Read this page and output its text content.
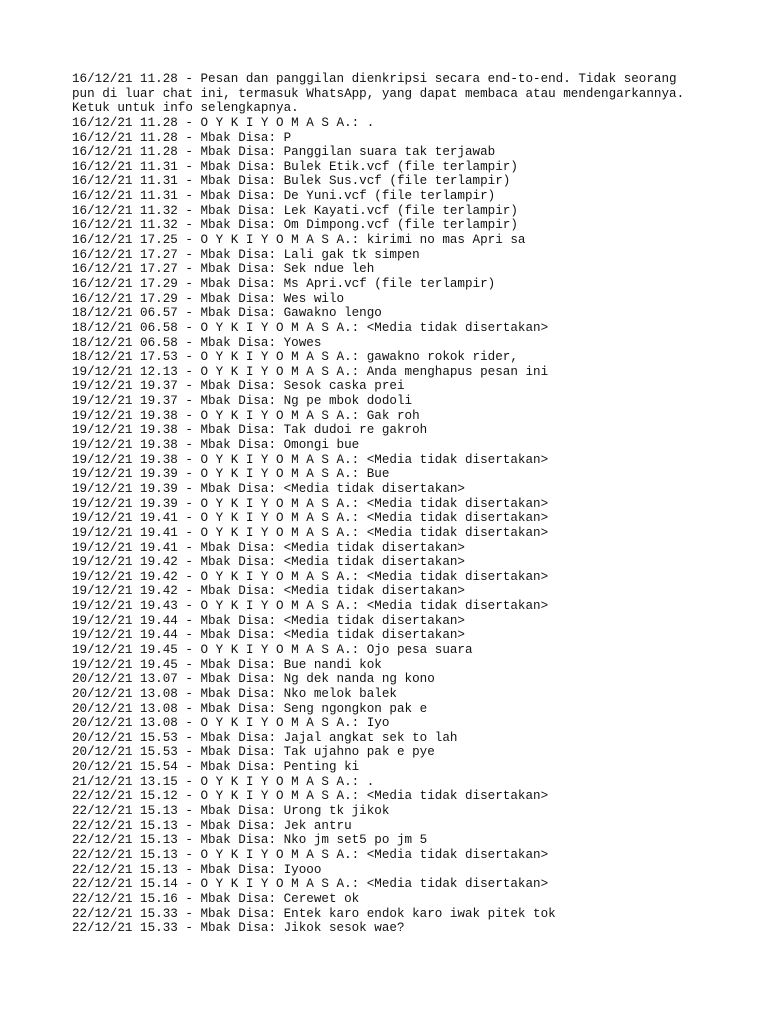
16/12/21 11.28 - Pesan dan panggilan dienkripsi secara end-to-end. Tidak seorang
pun di luar chat ini, termasuk WhatsApp, yang dapat membaca atau mendengarkannya.
Ketuk untuk info selengkapnya.
16/12/21 11.28 - O Y K I Y O M A S A.: .
16/12/21 11.28 - Mbak Disa: P
16/12/21 11.28 - Mbak Disa: Panggilan suara tak terjawab
16/12/21 11.31 - Mbak Disa: Bulek Etik.vcf (file terlampir)
16/12/21 11.31 - Mbak Disa: Bulek Sus.vcf (file terlampir)
16/12/21 11.31 - Mbak Disa: De Yuni.vcf (file terlampir)
16/12/21 11.32 - Mbak Disa: Lek Kayati.vcf (file terlampir)
16/12/21 11.32 - Mbak Disa: Om Dimpong.vcf (file terlampir)
16/12/21 17.25 - O Y K I Y O M A S A.: kirimi no mas Apri sa
16/12/21 17.27 - Mbak Disa: Lali gak tk simpen
16/12/21 17.27 - Mbak Disa: Sek ndue leh
16/12/21 17.29 - Mbak Disa: Ms Apri.vcf (file terlampir)
16/12/21 17.29 - Mbak Disa: Wes wilo
18/12/21 06.57 - Mbak Disa: Gawakno lengo
18/12/21 06.58 - O Y K I Y O M A S A.: <Media tidak disertakan>
18/12/21 06.58 - Mbak Disa: Yowes
18/12/21 17.53 - O Y K I Y O M A S A.: gawakno rokok rider,
19/12/21 12.13 - O Y K I Y O M A S A.: Anda menghapus pesan ini
19/12/21 19.37 - Mbak Disa: Sesok caska prei
19/12/21 19.37 - Mbak Disa: Ng pe mbok dodoli
19/12/21 19.38 - O Y K I Y O M A S A.: Gak roh
19/12/21 19.38 - Mbak Disa: Tak dudoi re gakroh
19/12/21 19.38 - Mbak Disa: Omongi bue
19/12/21 19.38 - O Y K I Y O M A S A.: <Media tidak disertakan>
19/12/21 19.39 - O Y K I Y O M A S A.: Bue
19/12/21 19.39 - Mbak Disa: <Media tidak disertakan>
19/12/21 19.39 - O Y K I Y O M A S A.: <Media tidak disertakan>
19/12/21 19.41 - O Y K I Y O M A S A.: <Media tidak disertakan>
19/12/21 19.41 - O Y K I Y O M A S A.: <Media tidak disertakan>
19/12/21 19.41 - Mbak Disa: <Media tidak disertakan>
19/12/21 19.42 - Mbak Disa: <Media tidak disertakan>
19/12/21 19.42 - O Y K I Y O M A S A.: <Media tidak disertakan>
19/12/21 19.42 - Mbak Disa: <Media tidak disertakan>
19/12/21 19.43 - O Y K I Y O M A S A.: <Media tidak disertakan>
19/12/21 19.44 - Mbak Disa: <Media tidak disertakan>
19/12/21 19.44 - Mbak Disa: <Media tidak disertakan>
19/12/21 19.45 - O Y K I Y O M A S A.: Ojo pesa suara
19/12/21 19.45 - Mbak Disa: Bue nandi kok
20/12/21 13.07 - Mbak Disa: Ng dek nanda ng kono
20/12/21 13.08 - Mbak Disa: Nko melok balek
20/12/21 13.08 - Mbak Disa: Seng ngongkon pak e
20/12/21 13.08 - O Y K I Y O M A S A.: Iyo
20/12/21 15.53 - Mbak Disa: Jajal angkat sek to lah
20/12/21 15.53 - Mbak Disa: Tak ujahno pak e pye
20/12/21 15.54 - Mbak Disa: Penting ki
21/12/21 13.15 - O Y K I Y O M A S A.: .
22/12/21 15.12 - O Y K I Y O M A S A.: <Media tidak disertakan>
22/12/21 15.13 - Mbak Disa: Urong tk jikok
22/12/21 15.13 - Mbak Disa: Jek antru
22/12/21 15.13 - Mbak Disa: Nko jm set5 po jm 5
22/12/21 15.13 - O Y K I Y O M A S A.: <Media tidak disertakan>
22/12/21 15.13 - Mbak Disa: Iyooo
22/12/21 15.14 - O Y K I Y O M A S A.: <Media tidak disertakan>
22/12/21 15.16 - Mbak Disa: Cerewet ok
22/12/21 15.33 - Mbak Disa: Entek karo endok karo iwak pitek tok
22/12/21 15.33 - Mbak Disa: Jikok sesok wae?
